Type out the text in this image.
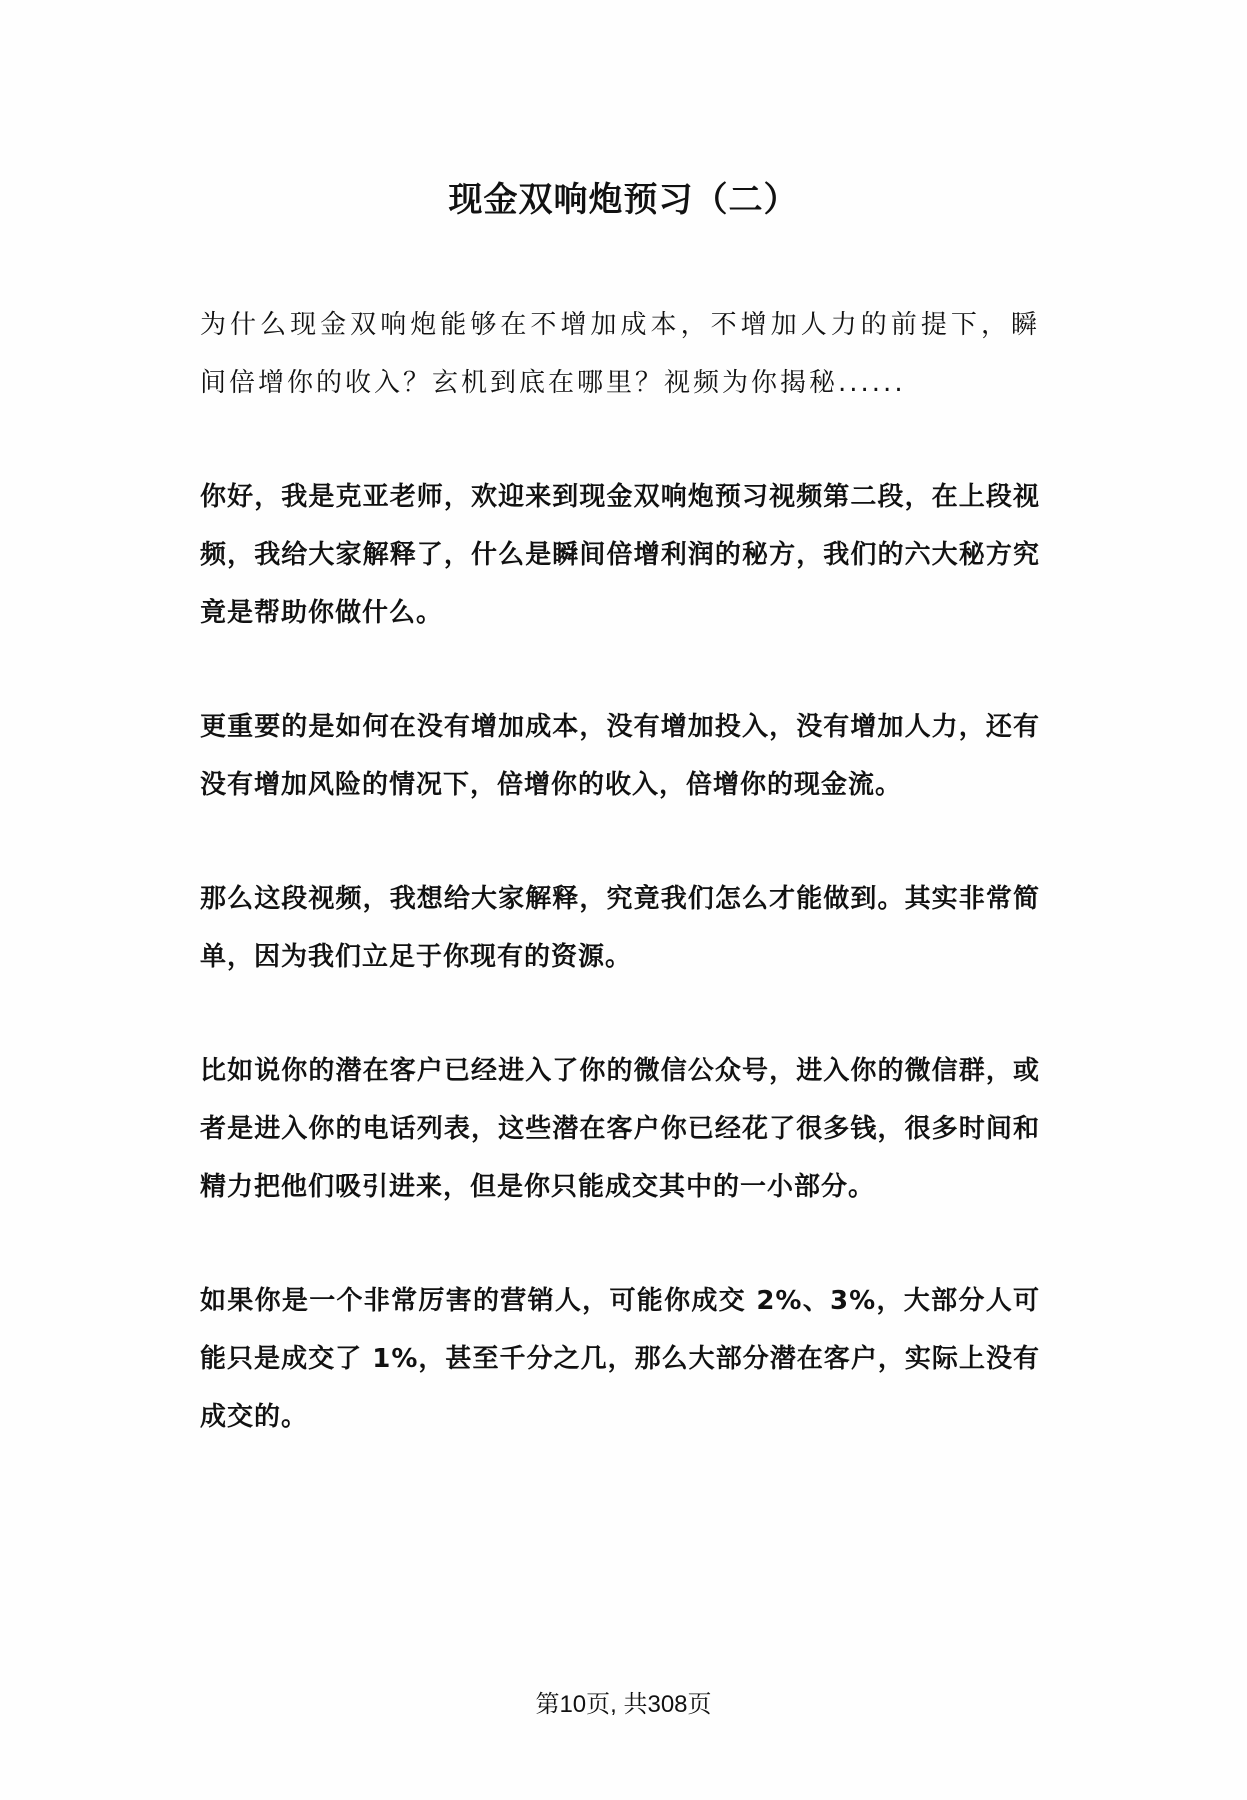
现金双响炮预习（二）

为什么现金双响炮能够在不增加成本，不增加人力的前提下，瞬间倍增你的收入？玄机到底在哪里？视频为你揭秘......

你好，我是克亚老师，欢迎来到现金双响炮预习视频第二段，在上段视频，我给大家解释了，什么是瞬间倍增利润的秘方，我们的六大秘方究竟是帮助你做什么。

更重要的是如何在没有增加成本，没有增加投入，没有增加人力，还有没有增加风险的情况下，倍增你的收入，倍增你的现金流。

那么这段视频，我想给大家解释，究竟我们怎么才能做到。其实非常简单，因为我们立足于你现有的资源。

比如说你的潜在客户已经进入了你的微信公众号，进入你的微信群，或者是进入你的电话列表，这些潜在客户你已经花了很多钱，很多时间和精力把他们吸引进来，但是你只能成交其中的一小部分。

如果你是一个非常厉害的营销人，可能你成交 2%、3%，大部分人可能只是成交了 1%，甚至千分之几，那么大部分潜在客户，实际上没有成交的。

第10页, 共308页
